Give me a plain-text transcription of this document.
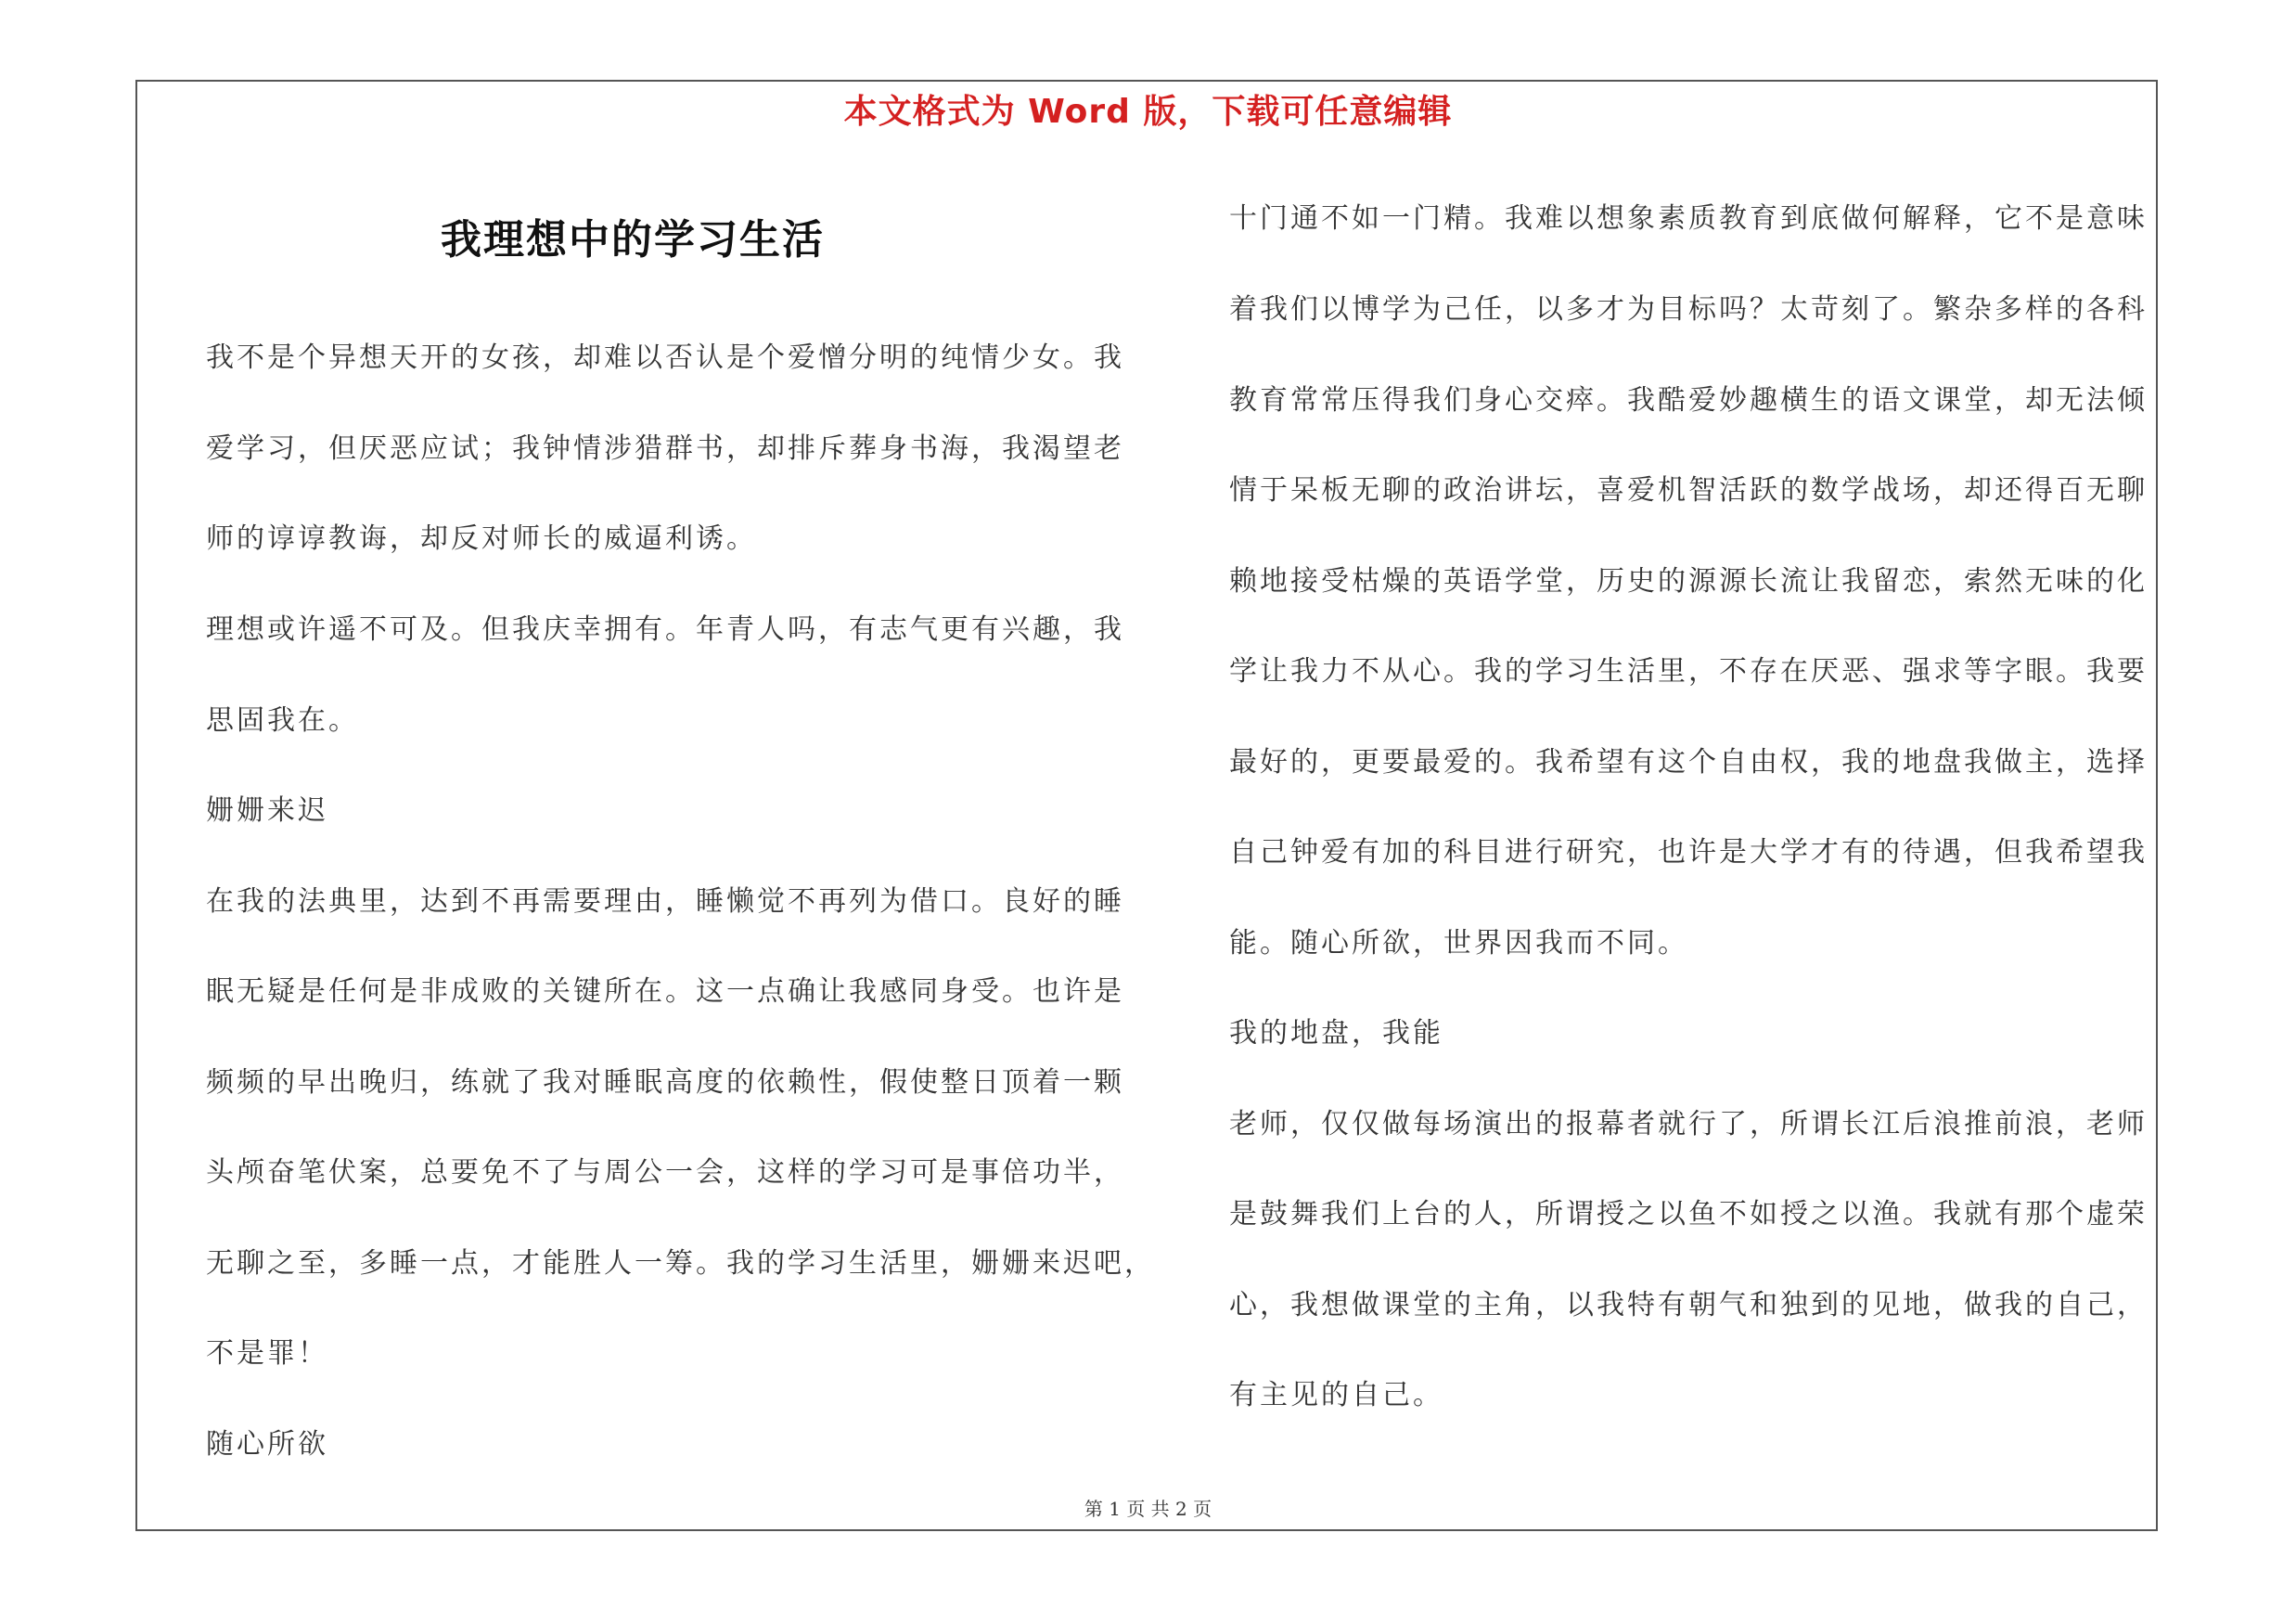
本文格式为 Word 版，下载可任意编辑
我理想中的学习生活
我不是个异想天开的女孩，却难以否认是个爱憎分明的纯情少女。我
爱学习，但厌恶应试；我钟情涉猎群书，却排斥葬身书海，我渴望老
师的谆谆教诲，却反对师长的威逼利诱。
理想或许遥不可及。但我庆幸拥有。年青人吗，有志气更有兴趣，我
思固我在。
姗姗来迟
在我的法典里，达到不再需要理由，睡懒觉不再列为借口。良好的睡
眠无疑是任何是非成败的关键所在。这一点确让我感同身受。也许是
频频的早出晚归，练就了我对睡眠高度的依赖性，假使整日顶着一颗
头颅奋笔伏案，总要免不了与周公一会，这样的学习可是事倍功半，
无聊之至，多睡一点，才能胜人一筹。我的学习生活里，姗姗来迟吧，
不是罪！
随心所欲
十门通不如一门精。我难以想象素质教育到底做何解释，它不是意味
着我们以博学为己任，以多才为目标吗？太苛刻了。繁杂多样的各科
教育常常压得我们身心交瘁。我酷爱妙趣横生的语文课堂，却无法倾
情于呆板无聊的政治讲坛，喜爱机智活跃的数学战场，却还得百无聊
赖地接受枯燥的英语学堂，历史的源源长流让我留恋，索然无味的化
学让我力不从心。我的学习生活里，不存在厌恶、强求等字眼。我要
最好的，更要最爱的。我希望有这个自由权，我的地盘我做主，选择
自己钟爱有加的科目进行研究，也许是大学才有的待遇，但我希望我
能。随心所欲，世界因我而不同。
我的地盘，我能
老师，仅仅做每场演出的报幕者就行了，所谓长江后浪推前浪，老师
是鼓舞我们上台的人，所谓授之以鱼不如授之以渔。我就有那个虚荣
心，我想做课堂的主角，以我特有朝气和独到的见地，做我的自己，
有主见的自己。
第 1 页 共 2 页
